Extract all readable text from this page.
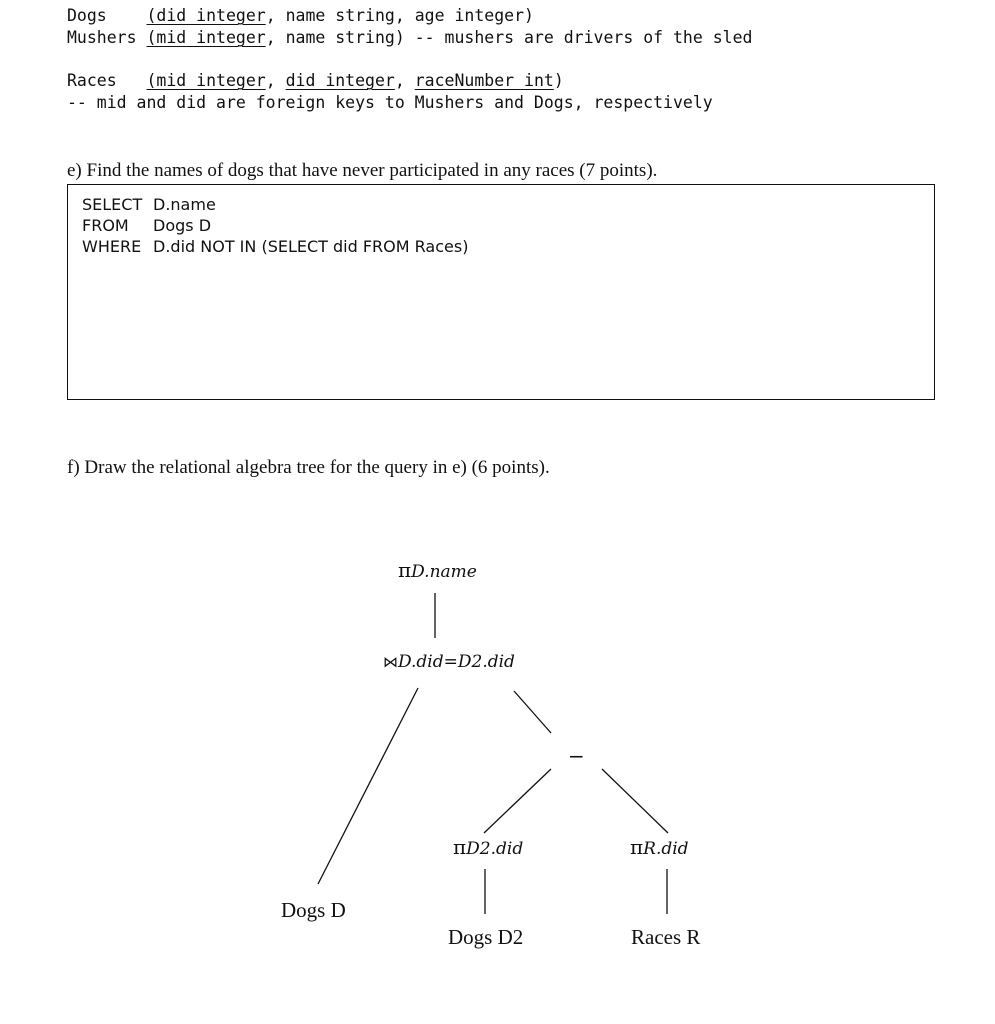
Dogs (did integer, name string, age integer)
Mushers (mid integer, name string) -- mushers are drivers of the sled
Races (mid integer, did integer, raceNumber int)
-- mid and did are foreign keys to Mushers and Dogs, respectively
e) Find the names of dogs that have never participated in any races (7 points).
SELECT D.name
FROM Dogs D
WHERE D.did NOT IN (SELECT did FROM Races)
f) Draw the relational algebra tree for the query in e) (6 points).
πD.name
⋈D.did=D2.did
−
πD2.did	πR.did
Dogs D
Dogs D2	Races R
